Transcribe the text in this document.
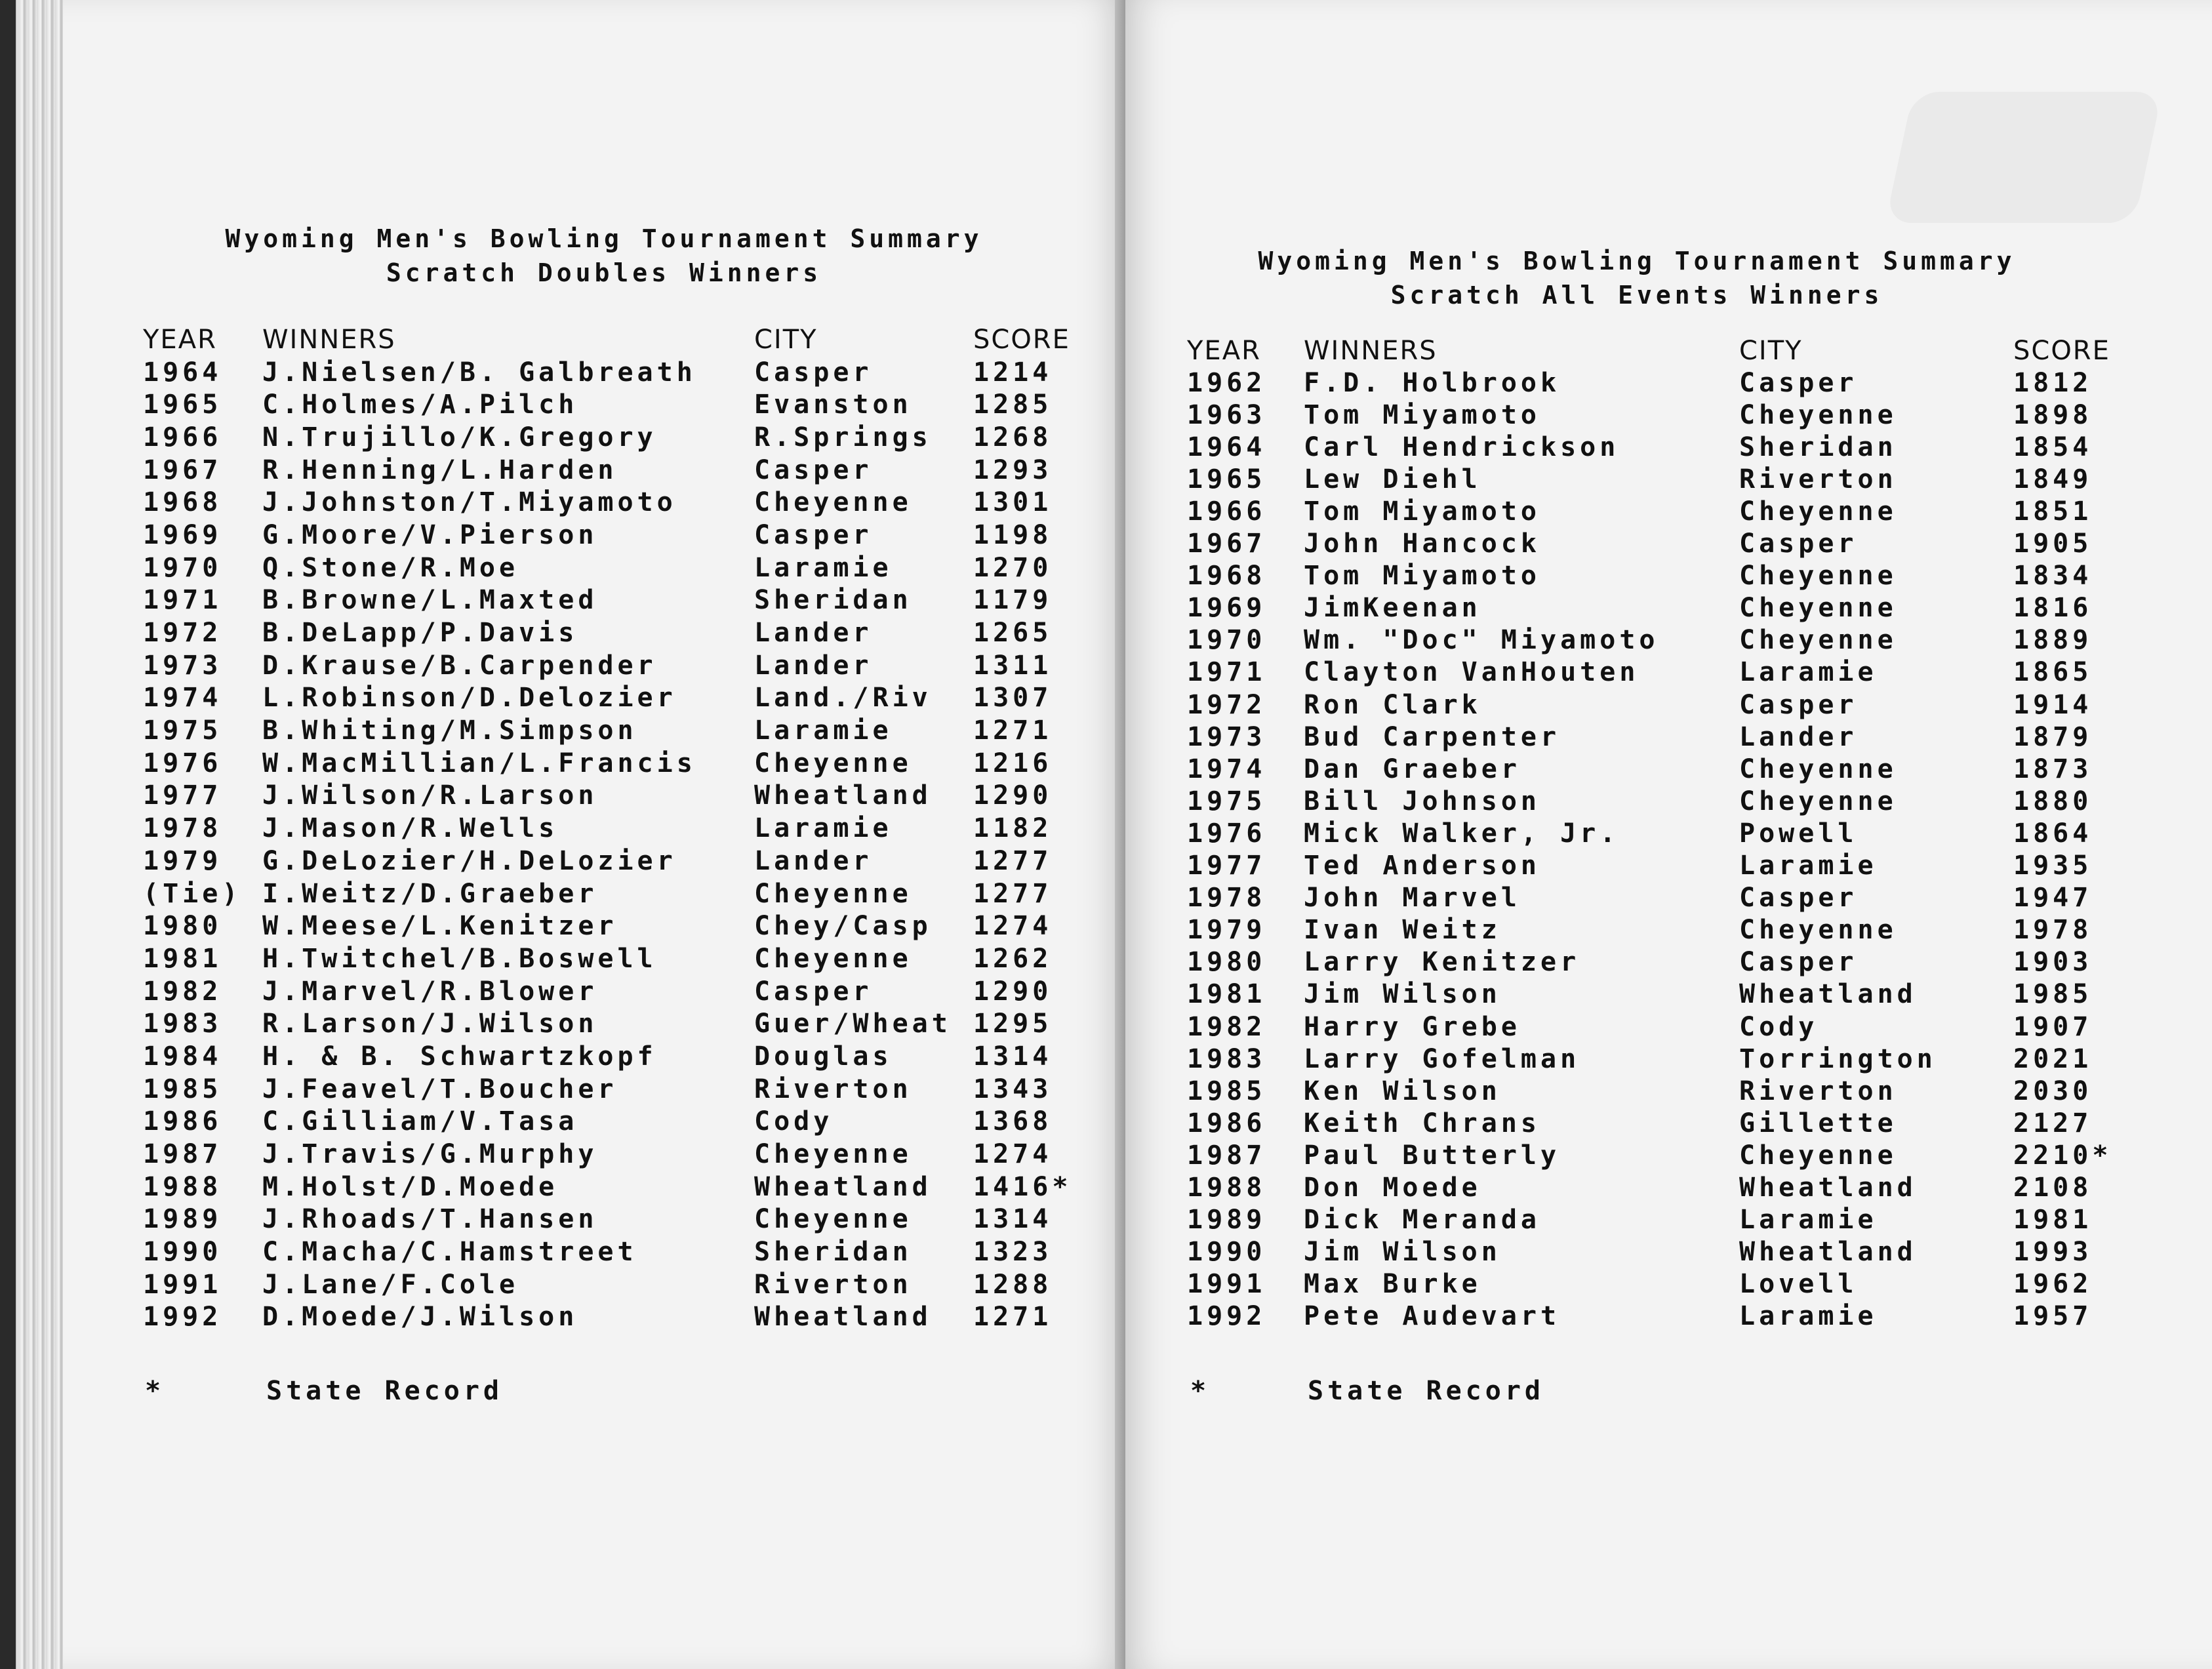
Wyoming Men's Bowling Tournament Summary
Scratch Doubles Winners
YEAR	WINNERS	CITY	SCORE
1964	J.Nielsen/B. Galbreath	Casper	1214
1965	C.Holmes/A.Pilch	Evanston	1285
1966	N.Trujillo/K.Gregory	R.Springs	1268
1967	R.Henning/L.Harden	Casper	1293
1968	J.Johnston/T.Miyamoto	Cheyenne	1301
1969	G.Moore/V.Pierson	Casper	1198
1970	Q.Stone/R.Moe	Laramie	1270
1971	B.Browne/L.Maxted	Sheridan	1179
1972	B.DeLapp/P.Davis	Lander	1265
1973	D.Krause/B.Carpender	Lander	1311
1974	L.Robinson/D.Delozier	Land./Riv	1307
1975	B.Whiting/M.Simpson	Laramie	1271
1976	W.MacMillian/L.Francis	Cheyenne	1216
1977	J.Wilson/R.Larson	Wheatland	1290
1978	J.Mason/R.Wells	Laramie	1182
1979	G.DeLozier/H.DeLozier	Lander	1277
(Tie)	I.Weitz/D.Graeber	Cheyenne	1277
1980	W.Meese/L.Kenitzer	Chey/Casp	1274
1981	H.Twitchel/B.Boswell	Cheyenne	1262
1982	J.Marvel/R.Blower	Casper	1290
1983	R.Larson/J.Wilson	Guer/Wheat	1295
1984	H. & B. Schwartzkopf	Douglas	1314
1985	J.Feavel/T.Boucher	Riverton	1343
1986	C.Gilliam/V.Tasa	Cody	1368
1987	J.Travis/G.Murphy	Cheyenne	1274
1988	M.Holst/D.Moede	Wheatland	1416*
1989	J.Rhoads/T.Hansen	Cheyenne	1314
1990	C.Macha/C.Hamstreet	Sheridan	1323
1991	J.Lane/F.Cole	Riverton	1288
1992	D.Moede/J.Wilson	Wheatland	1271
*	State Record
Wyoming Men's Bowling Tournament Summary
Scratch All Events Winners
YEAR	WINNERS	CITY	SCORE
1962	F.D. Holbrook	Casper	1812
1963	Tom Miyamoto	Cheyenne	1898
1964	Carl Hendrickson	Sheridan	1854
1965	Lew Diehl	Riverton	1849
1966	Tom Miyamoto	Cheyenne	1851
1967	John Hancock	Casper	1905
1968	Tom Miyamoto	Cheyenne	1834
1969	JimKeenan	Cheyenne	1816
1970	Wm. "Doc" Miyamoto	Cheyenne	1889
1971	Clayton VanHouten	Laramie	1865
1972	Ron Clark	Casper	1914
1973	Bud Carpenter	Lander	1879
1974	Dan Graeber	Cheyenne	1873
1975	Bill Johnson	Cheyenne	1880
1976	Mick Walker, Jr.	Powell	1864
1977	Ted Anderson	Laramie	1935
1978	John Marvel	Casper	1947
1979	Ivan Weitz	Cheyenne	1978
1980	Larry Kenitzer	Casper	1903
1981	Jim Wilson	Wheatland	1985
1982	Harry Grebe	Cody	1907
1983	Larry Gofelman	Torrington	2021
1985	Ken Wilson	Riverton	2030
1986	Keith Chrans	Gillette	2127
1987	Paul Butterly	Cheyenne	2210*
1988	Don Moede	Wheatland	2108
1989	Dick Meranda	Laramie	1981
1990	Jim Wilson	Wheatland	1993
1991	Max Burke	Lovell	1962
1992	Pete Audevart	Laramie	1957
*	State Record
